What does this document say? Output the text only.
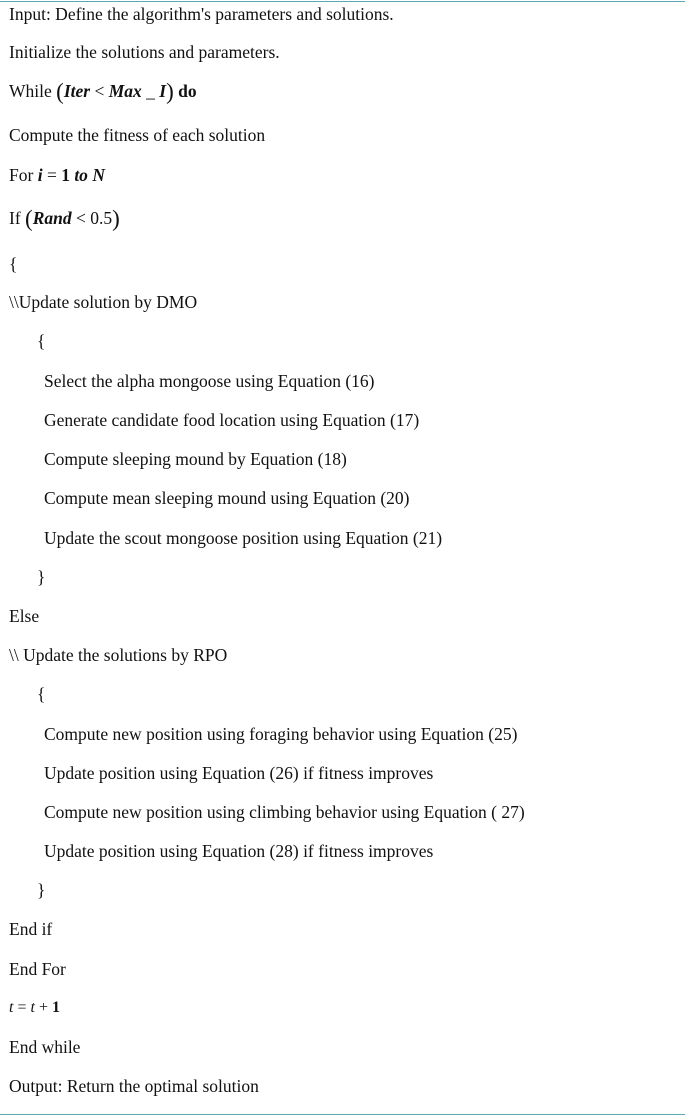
Input: Define the algorithm's parameters and solutions.
Initialize the solutions and parameters.
While (Iter < Max _ I) do
Compute the fitness of each solution
For i = 1 to N
If (Rand < 0.5)
{
\\Update solution by DMO
{
Select the alpha mongoose using Equation (16)
Generate candidate food location using Equation (17)
Compute sleeping mound by Equation (18)
Compute mean sleeping mound using Equation (20)
Update the scout mongoose position using Equation (21)
}
Else
\\ Update the solutions by RPO
{
Compute new position using foraging behavior using Equation (25)
Update position using Equation (26) if fitness improves
Compute new position using climbing behavior using Equation ( 27)
Update position using Equation (28) if fitness improves
}
End if
End For
t = t + 1
End while
Output: Return the optimal solution
